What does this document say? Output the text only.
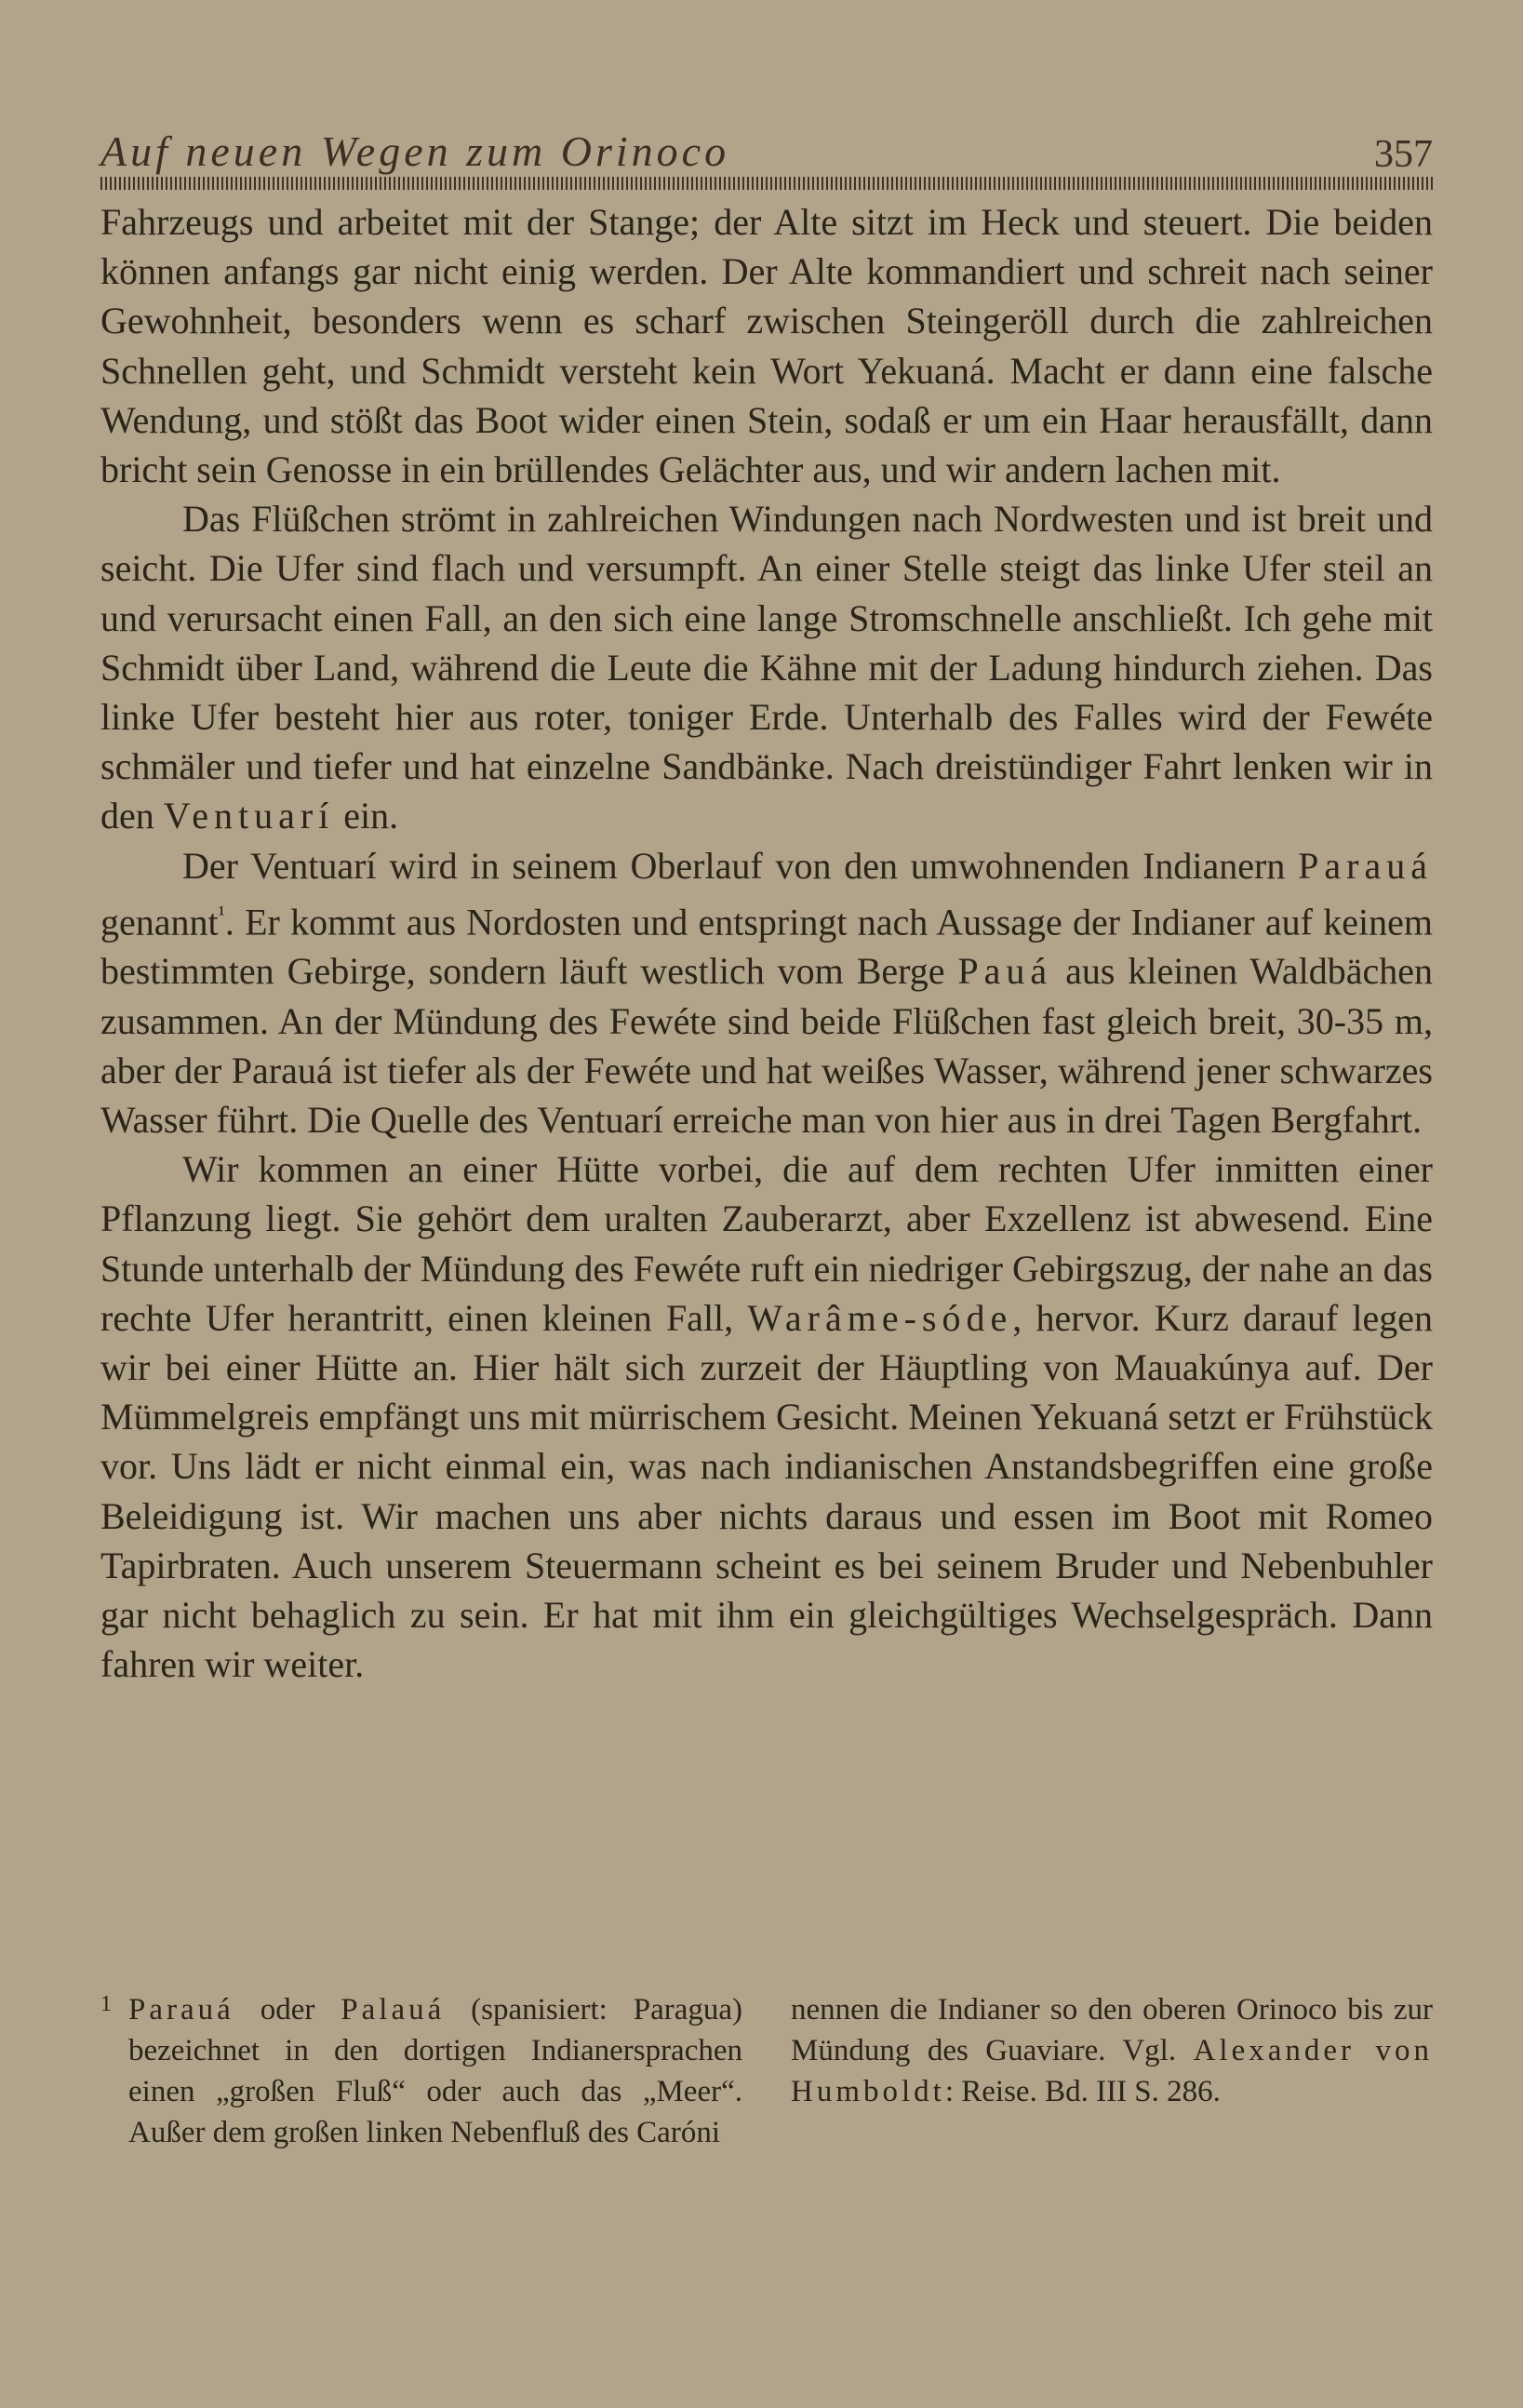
Auf neuen Wegen zum Orinoco	357

Fahrzeugs und arbeitet mit der Stange; der Alte sitzt im Heck und steuert. Die beiden können anfangs gar nicht einig werden. Der Alte kommandiert und schreit nach seiner Gewohnheit, besonders wenn es scharf zwischen Steingeröll durch die zahlreichen Schnellen geht, und Schmidt versteht kein Wort Yekuaná. Macht er dann eine falsche Wendung, und stößt das Boot wider einen Stein, sodaß er um ein Haar herausfällt, dann bricht sein Genosse in ein brüllendes Gelächter aus, und wir andern lachen mit.

Das Flüßchen strömt in zahlreichen Windungen nach Nordwesten und ist breit und seicht. Die Ufer sind flach und versumpft. An einer Stelle steigt das linke Ufer steil an und verursacht einen Fall, an den sich eine lange Stromschnelle anschließt. Ich gehe mit Schmidt über Land, während die Leute die Kähne mit der Ladung hindurch ziehen. Das linke Ufer besteht hier aus roter, toniger Erde. Unterhalb des Falles wird der Fewéte schmäler und tiefer und hat einzelne Sandbänke. Nach dreistündiger Fahrt lenken wir in den Ventuarí ein.

Der Ventuarí wird in seinem Oberlauf von den umwohnenden Indianern Parauá genannt$^{^1}$. Er kommt aus Nordosten und entspringt nach Aussage der Indianer auf keinem bestimmten Gebirge, sondern läuft westlich vom Berge Pauá aus kleinen Waldbächen zusammen. An der Mündung des Fewéte sind beide Flüßchen fast gleich breit, 30-35 m, aber der Parauá ist tiefer als der Fewéte und hat weißes Wasser, während jener schwarzes Wasser führt. Die Quelle des Ventuarí erreiche man von hier aus in drei Tagen Bergfahrt.

Wir kommen an einer Hütte vorbei, die auf dem rechten Ufer inmitten einer Pflanzung liegt. Sie gehört dem uralten Zauberarzt, aber Exzellenz ist abwesend. Eine Stunde unterhalb der Mündung des Fewéte ruft ein niedriger Gebirgszug, der nahe an das rechte Ufer herantritt, einen kleinen Fall, Warâme-sóde, hervor. Kurz darauf legen wir bei einer Hütte an. Hier hält sich zurzeit der Häuptling von Mauakúnya auf. Der Mümmelgreis empfängt uns mit mürrischem Gesicht. Meinen Yekuaná setzt er Frühstück vor. Uns lädt er nicht einmal ein, was nach indianischen Anstandsbegriffen eine große Beleidigung ist. Wir machen uns aber nichts daraus und essen im Boot mit Romeo Tapirbraten. Auch unserem Steuermann scheint es bei seinem Bruder und Nebenbuhler gar nicht behaglich zu sein. Er hat mit ihm ein gleichgültiges Wechselgespräch. Dann fahren wir weiter.

1 Parauá oder Palauá (spanisiert: Paragua) bezeichnet in den dortigen Indianersprachen einen „großen Fluß“ oder auch das „Meer“. Außer dem großen linken Nebenfluß des Caróni
nennen die Indianer so den oberen Orinoco bis zur Mündung des Guaviare. Vgl. Alexander von Humboldt: Reise. Bd. III S. 286.
